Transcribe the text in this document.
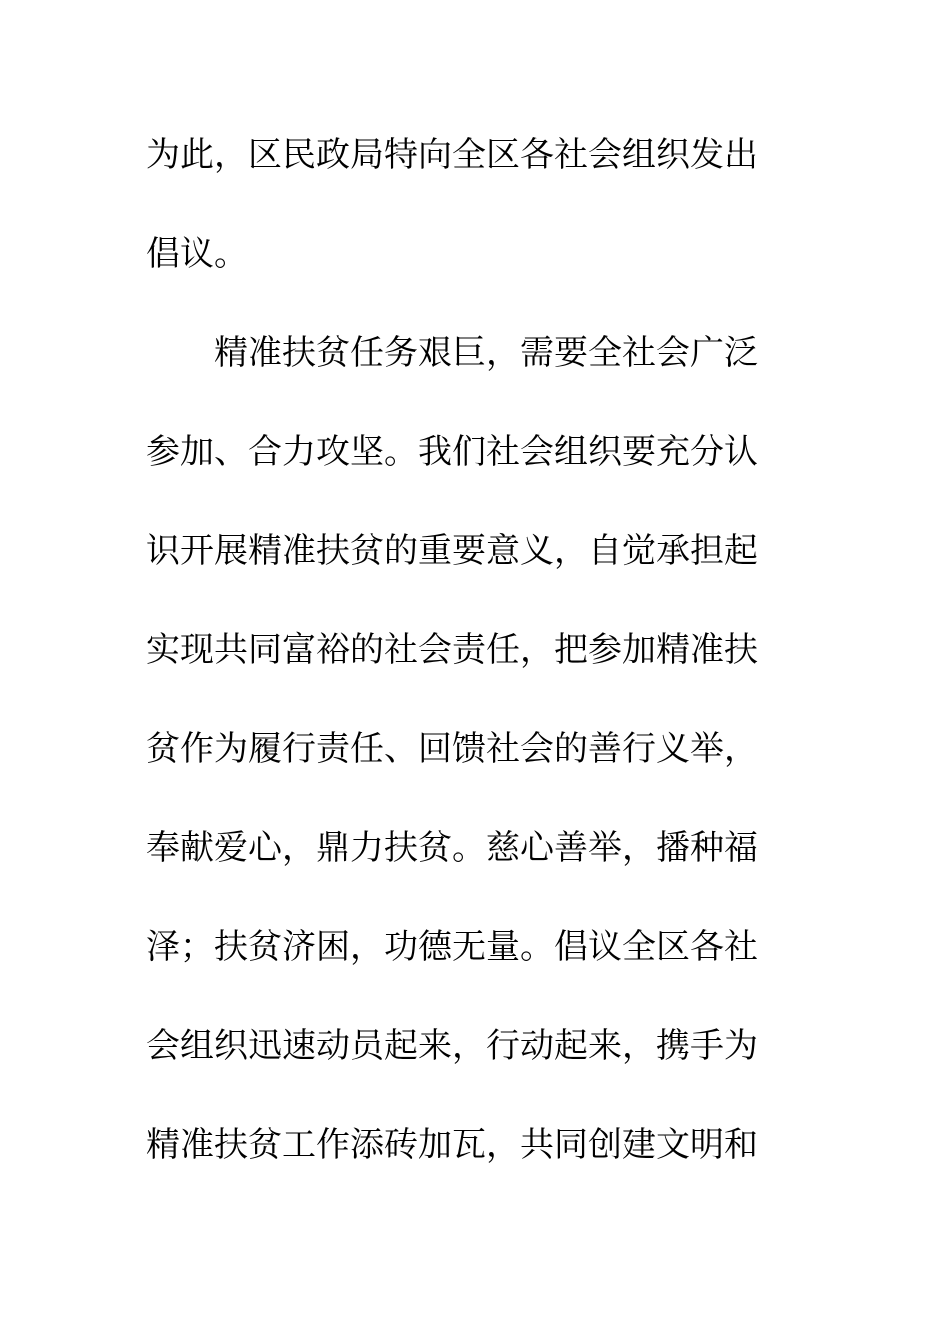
为此，区民政局特向全区各社会组织发出
倡议。
精准扶贫任务艰巨，需要全社会广泛
参加、合力攻坚。我们社会组织要充分认
识开展精准扶贫的重要意义，自觉承担起
实现共同富裕的社会责任，把参加精准扶
贫作为履行责任、回馈社会的善行义举，
奉献爱心，鼎力扶贫。慈心善举，播种福
泽；扶贫济困，功德无量。倡议全区各社
会组织迅速动员起来，行动起来，携手为
精准扶贫工作添砖加瓦，共同创建文明和
